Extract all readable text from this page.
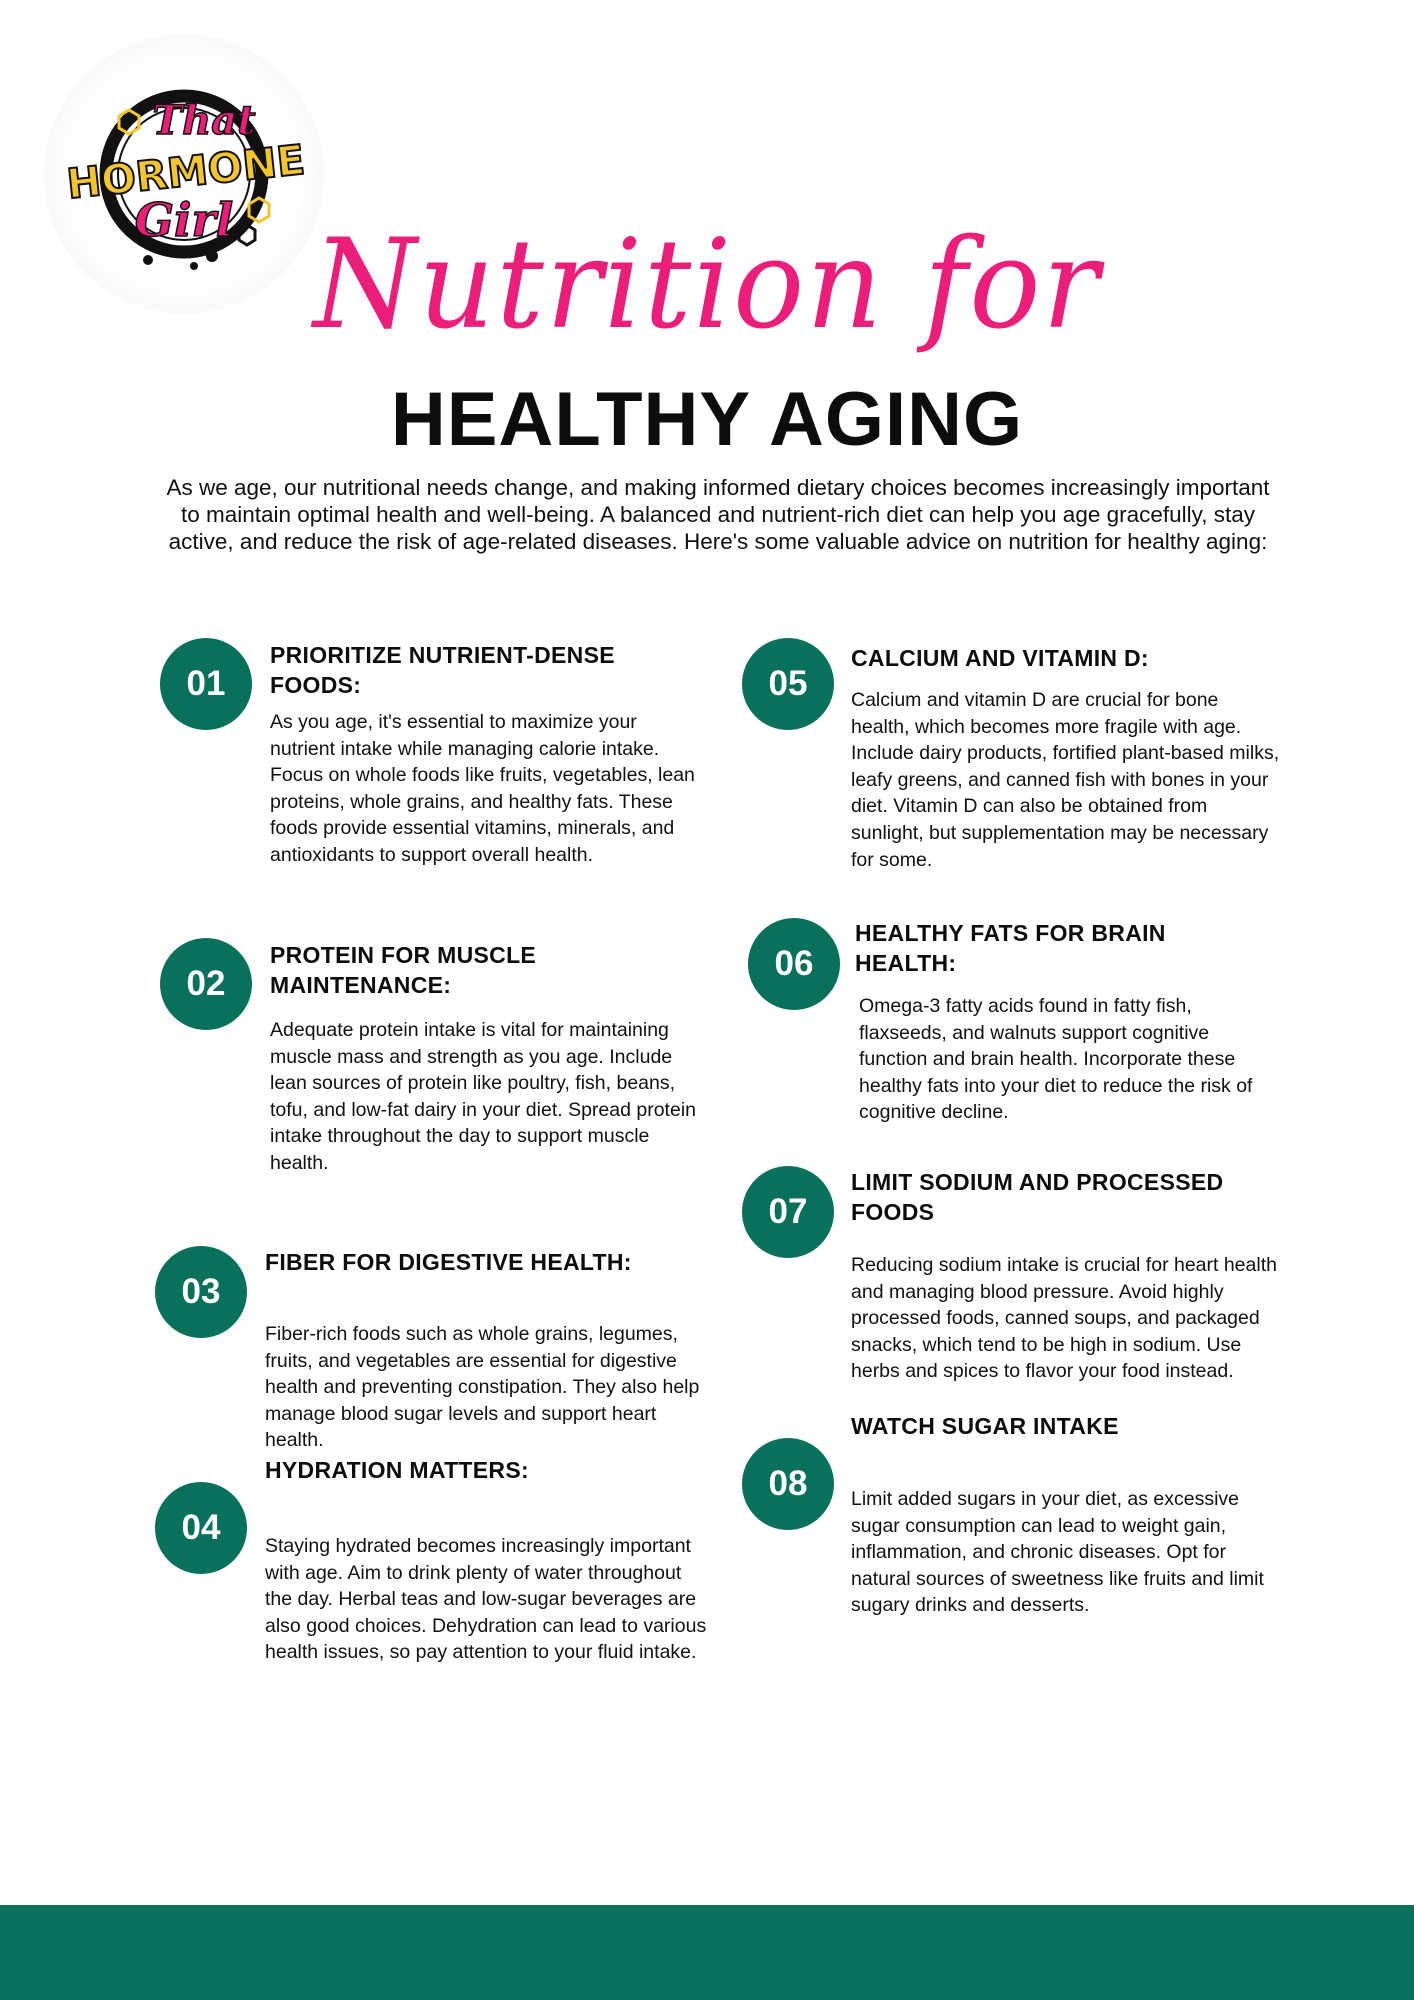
That
HORMONE
Girl Nutrition for
HEALTHY AGING
As we age, our nutritional needs change, and making informed dietary choices becomes increasingly important to maintain optimal health and well-being. A balanced and nutrient-rich diet can help you age gracefully, stay active, and reduce the risk of age-related diseases. Here's some valuable advice on nutrition for healthy aging:
01
PRIORITIZE NUTRIENT-DENSE FOODS:
As you age, it's essential to maximize your nutrient intake while managing calorie intake. Focus on whole foods like fruits, vegetables, lean proteins, whole grains, and healthy fats. These foods provide essential vitamins, minerals, and antioxidants to support overall health.
02
PROTEIN FOR MUSCLE MAINTENANCE:
Adequate protein intake is vital for maintaining muscle mass and strength as you age. Include lean sources of protein like poultry, fish, beans, tofu, and low-fat dairy in your diet. Spread protein intake throughout the day to support muscle health.
03
FIBER FOR DIGESTIVE HEALTH:
Fiber-rich foods such as whole grains, legumes, fruits, and vegetables are essential for digestive health and preventing constipation. They also help manage blood sugar levels and support heart health.
04
HYDRATION MATTERS:
Staying hydrated becomes increasingly important with age. Aim to drink plenty of water throughout the day. Herbal teas and low-sugar beverages are also good choices. Dehydration can lead to various health issues, so pay attention to your fluid intake.
05
CALCIUM AND VITAMIN D:
Calcium and vitamin D are crucial for bone health, which becomes more fragile with age. Include dairy products, fortified plant-based milks, leafy greens, and canned fish with bones in your diet. Vitamin D can also be obtained from sunlight, but supplementation may be necessary for some.
06
HEALTHY FATS FOR BRAIN HEALTH:
Omega-3 fatty acids found in fatty fish, flaxseeds, and walnuts support cognitive function and brain health. Incorporate these healthy fats into your diet to reduce the risk of cognitive decline.
07
LIMIT SODIUM AND PROCESSED FOODS
Reducing sodium intake is crucial for heart health and managing blood pressure. Avoid highly processed foods, canned soups, and packaged snacks, which tend to be high in sodium. Use herbs and spices to flavor your food instead.
08
WATCH SUGAR INTAKE
Limit added sugars in your diet, as excessive sugar consumption can lead to weight gain, inflammation, and chronic diseases. Opt for natural sources of sweetness like fruits and limit sugary drinks and desserts.
